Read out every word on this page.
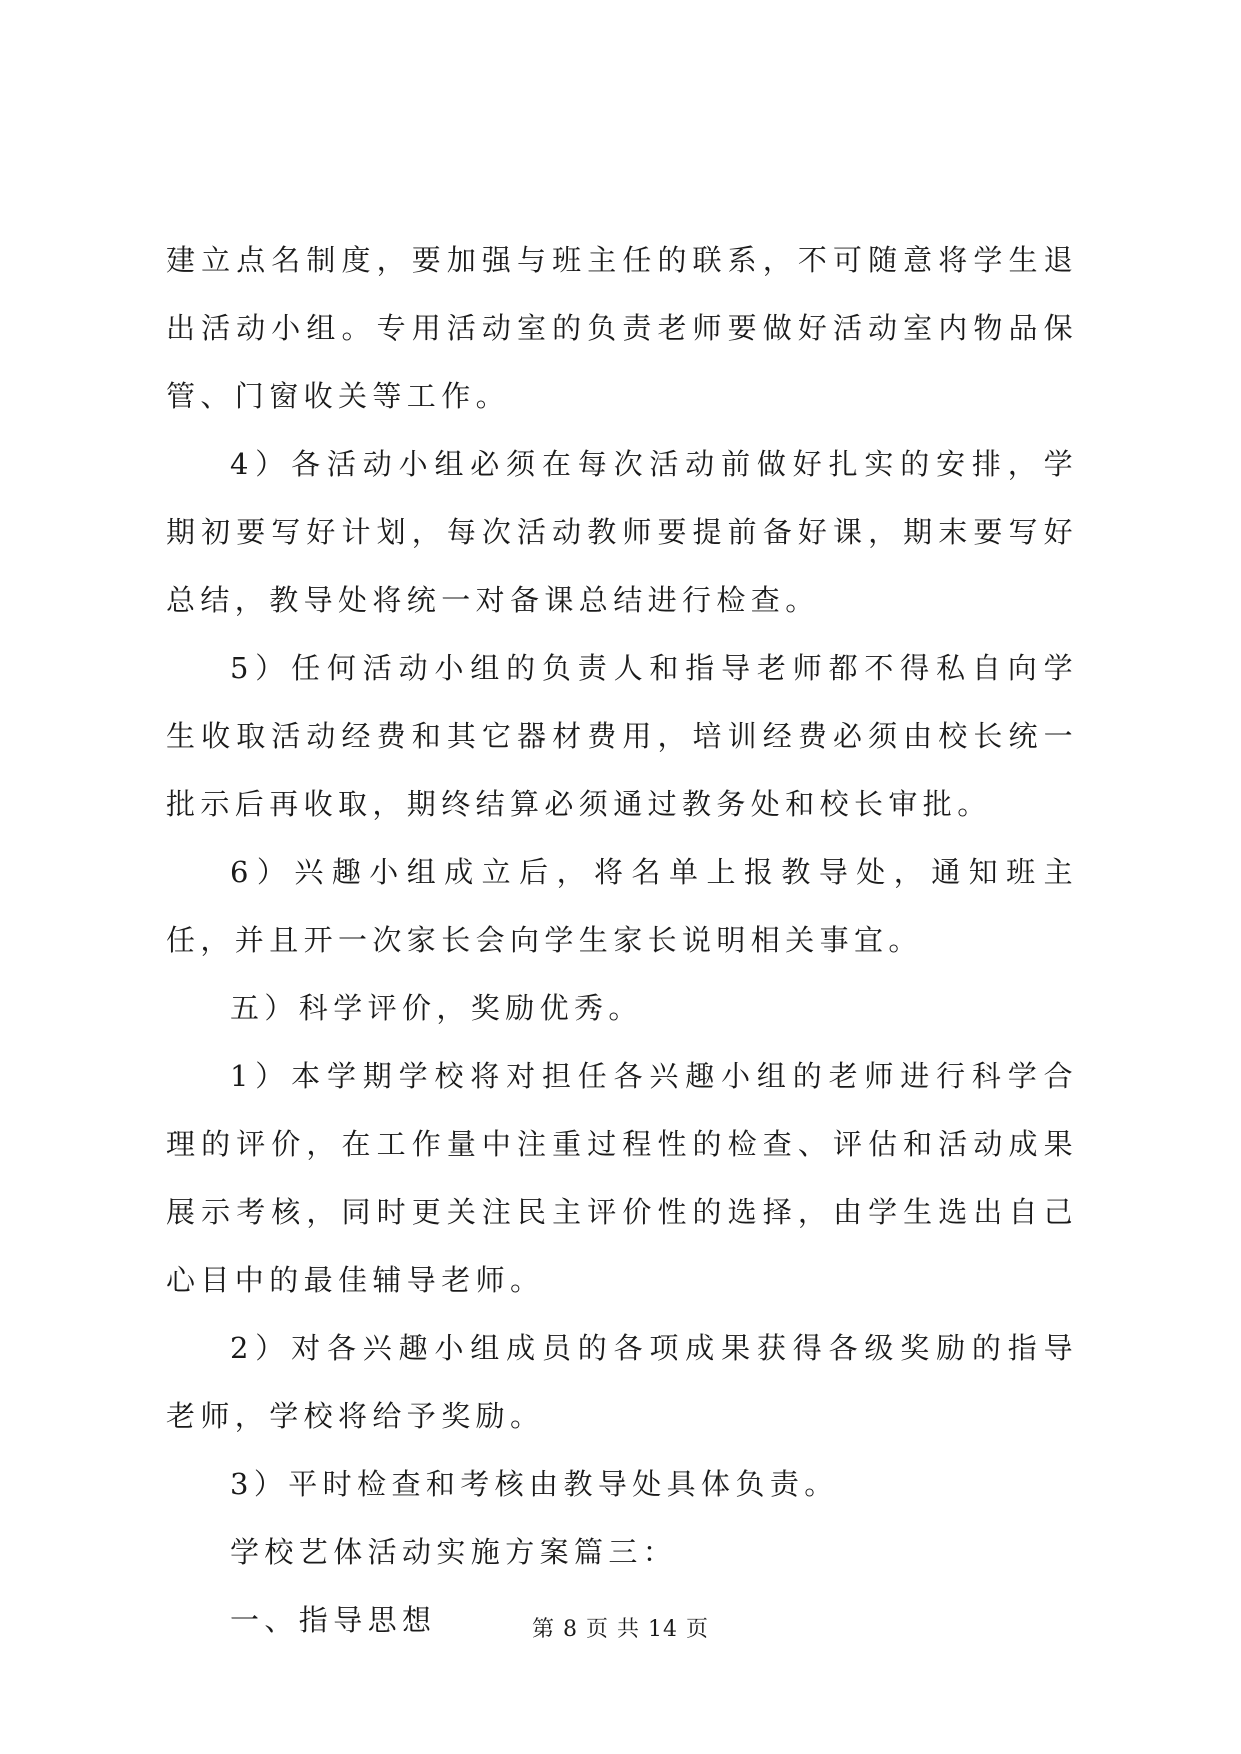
建立点名制度，要加强与班主任的联系，不可随意将学生退出活动小组。专用活动室的负责老师要做好活动室内物品保管、门窗收关等工作。

4）各活动小组必须在每次活动前做好扎实的安排，学期初要写好计划，每次活动教师要提前备好课，期末要写好总结，教导处将统一对备课总结进行检查。

5）任何活动小组的负责人和指导老师都不得私自向学生收取活动经费和其它器材费用，培训经费必须由校长统一批示后再收取，期终结算必须通过教务处和校长审批。

6）兴趣小组成立后，将名单上报教导处，通知班主任，并且开一次家长会向学生家长说明相关事宜。

五）科学评价，奖励优秀。

1）本学期学校将对担任各兴趣小组的老师进行科学合理的评价，在工作量中注重过程性的检查、评估和活动成果展示考核，同时更关注民主评价性的选择，由学生选出自己心目中的最佳辅导老师。

2）对各兴趣小组成员的各项成果获得各级奖励的指导老师，学校将给予奖励。

3）平时检查和考核由教导处具体负责。

学校艺体活动实施方案篇三：

一、指导思想	第 8 页 共 14 页
